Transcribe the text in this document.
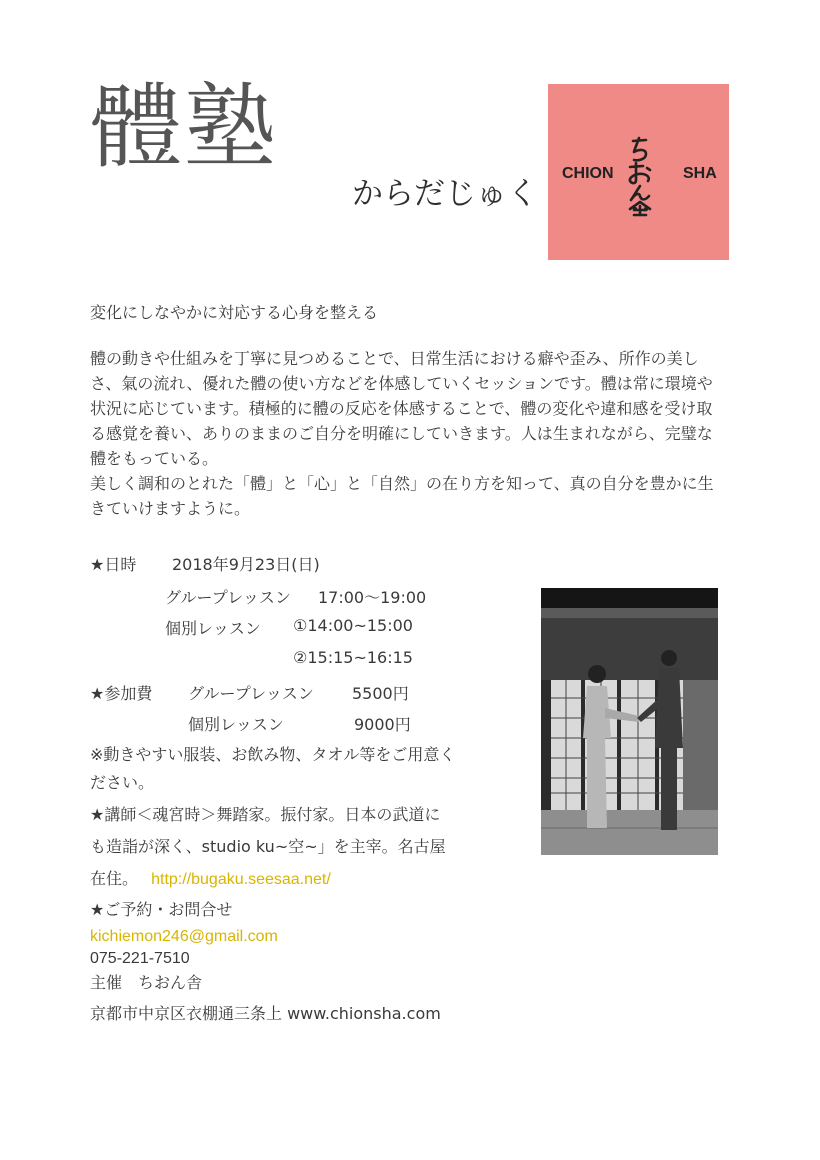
體塾
からだじゅく
CHION	SHA
変化にしなやかに対応する心身を整える

體の動きや仕組みを丁寧に見つめることで、日常生活における癖や歪み、所作の美しさ、氣の流れ、優れた體の使い方などを体感していくセッションです。體は常に環境や状況に応じています。積極的に體の反応を体感することで、體の変化や違和感を受け取る感覚を養い、ありのままのご自分を明確にしていきます。人は生まれながら、完璧な體をもっている。

美しく調和のとれた「體」と「心」と「自然」の在り方を知って、真の自分を豊かに生きていけますように。

★日時 2018年9月23日(日)
グループレッスン 17:00〜19:00
個別レッスン ①14:00~15:00
②15:15~16:15
★参加費 グループレッスン 5500円
個別レッスン	9000円
※動きやすい服装、お飲み物、タオル等をご用意く
ださい。
★講師＜魂宮時＞舞踏家。振付家。日本の武道に
も造詣が深く、studio ku~空~」を主宰。名古屋
在住。 http://bugaku.seesaa.net/
★ご予約・お問合せ
kichiemon246@gmail.com
075-221-7510
主催　ちおん舎
京都市中京区衣棚通三条上 www.chionsha.com
